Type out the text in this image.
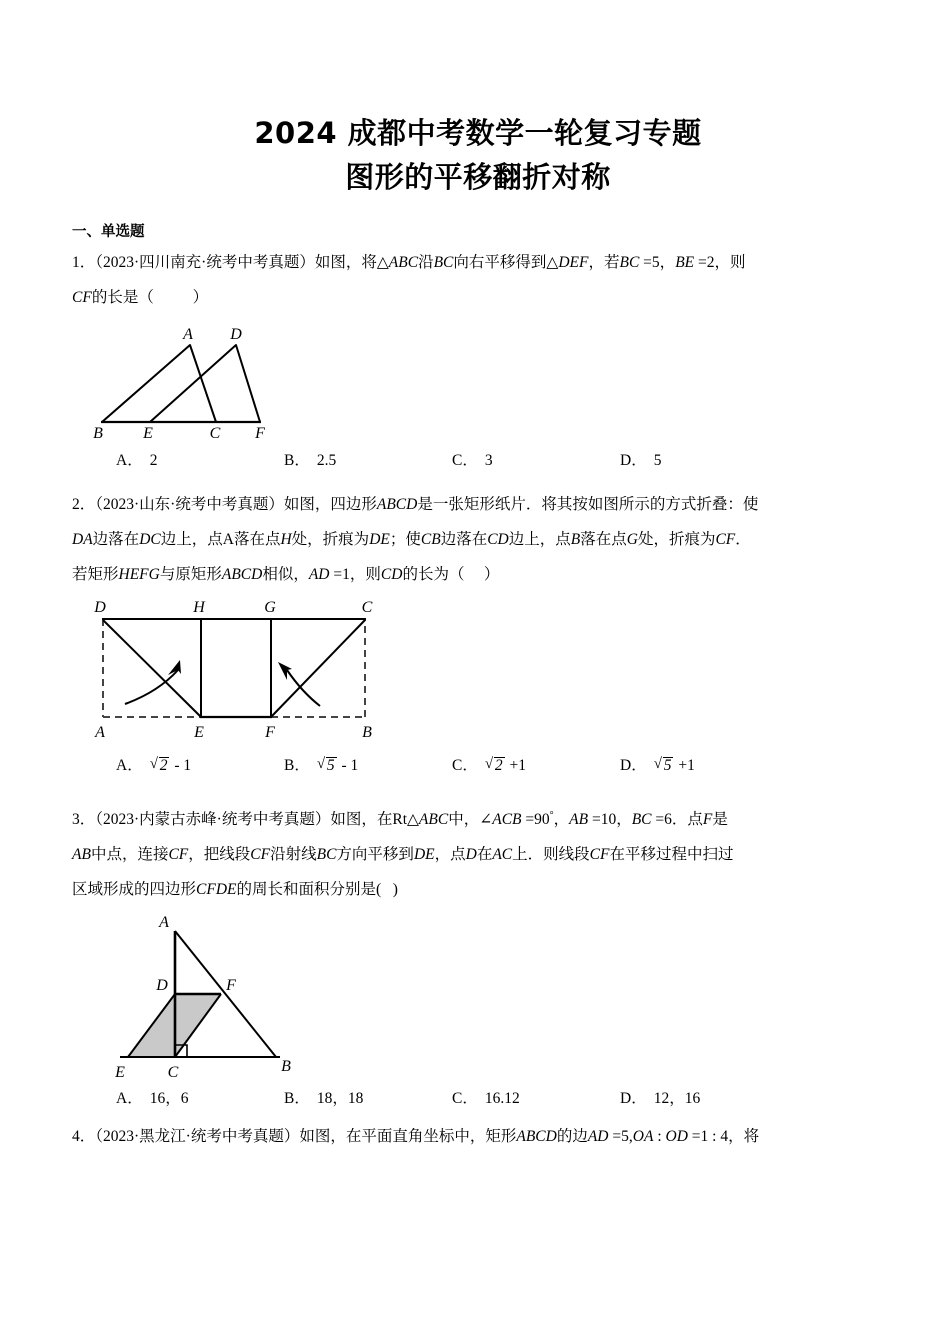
2024 成都中考数学一轮复习专题
图形的平移翻折对称
一、单选题
1．（2023·四川南充·统考中考真题）如图，将△ABC沿BC向右平移得到△DEF，若BC =5，BE =2，则
CF的长是（          ）
A D
B	E	C F
A． 2	B． 2.5	C． 3	D． 5
2．（2023·山东·统考中考真题）如图，四边形ABCD是一张矩形纸片．将其按如图所示的方式折叠：使
DA边落在DC边上，点A落在点H处，折痕为DE；使CB边落在CD边上，点B落在点G处，折痕为CF．
若矩形HEFG与原矩形ABCD相似，AD =1，则CD的长为（     ）
D	H	G	C
A	E	F	B
A．	√ 2 - 1	B．	√ 5 - 1	C．	√ 2 +1	D．	√ 5 +1
3．（2023·内蒙古赤峰·统考中考真题）如图，在Rt△ABC中，∠ACB =90°，AB =10，BC =6．点F是
AB中点，连接CF，把线段CF沿射线BC方向平移到DE，点D在AC上．则线段CF在平移过程中扫过
区域形成的四边形CFDE的周长和面积分别是(   )
A
D	F
E	C	B
A． 16，6	B． 18，18	C． 16.12	D． 12，16
4．（2023·黑龙江·统考中考真题）如图，在平面直角坐标中，矩形ABCD的边AD =5,OA : OD =1 : 4，将
